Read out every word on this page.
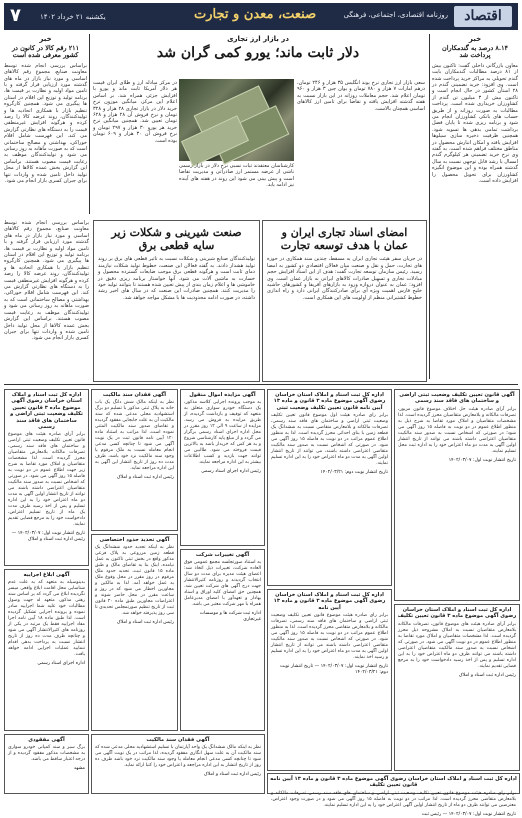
اقتصاد
روزنامه اقتصادی، اجتماعی، فرهنگی
صنعت، معدن و تجارت
یکشنبه ۲۱ خرداد ۱۴۰۲
۷
خبر
۲۱۱ رقم کالا در کانون در کشور معرفی شده است

براساس بررسی انجام شده توسط معاونت صنایع، مجموع رقم کالاهای اساسی و مورد نیاز بازار در ماه های گذشته مورد ارزیابی قرار گرفته و با تامین مواد اولیه و نظارت بر قیمت ها، برنامه تولید و توزیع این اقلام در استان ها پیگیری می شود. همچنین کارگروه تنظیم بازار با همکاری اتحادیه ها و تولیدکنندگان، روند عرضه کالا را رصد کرده و هرگونه افزایش غیرمنطقی قیمت را به دستگاه های نظارتی گزارش می کند. این فهرست شامل اقلام خوراکی، بهداشتی و مصالح ساختمانی است که به صورت ماهانه به روز رسانی می شود و تولیدکنندگان موظف به رعایت قیمت مصوب هستند. براساس این گزارش بخش عمده کالاها از محل تولید داخل تامین شده و واردات تنها برای جبران کسری بازار انجام می شود.

در بازار ارز تجاری
دلار ثابت ماند؛ یورو کمی گران شد

در مرکز مبادله ارز و طلای ایران قیمت هر دلار آمریکا ثابت ماند و یورو با افزایش جزئی همراه شد. بر اساس اعلام این مرکز، میانگین موزون نرخ خرید دلار در بازار تجاری ۲۸ هزار و ۳۲۸ تومان و نرخ فروش آن ۲۸ هزار و ۶۲۸ تومان تعیین شد. همچنین میانگین نرخ خرید هر یورو ۳۰ هزار و ۲۹۷ تومان و نرخ فروش آن ۳۰ هزار و ۶۰۹ تومان بوده است.

کارشناسان معتقدند ثبات نسبی نرخ دلار در بازار رسمی ناشی از عرضه مستمر ارز صادراتی و مدیریت تقاضا است و پیش بینی می شود این روند در هفته های آینده نیز ادامه یابد.

سعی بازار ارز تجاری نرخ پوند انگلیس ۳۵ هزار و ۲۴۶ تومان، درهم امارات ۷ هزار و ۷۸۰ تومان و یوان چین ۳ هزار و ۹۶۰ تومان اعلام شد. حجم معاملات روزانه در این بازار نسبت به هفته گذشته افزایش یافته و تقاضا برای تامین ارز کالاهای اساسی همچنان بالاست.

خبر
۸.۱۴ درصد به گندمکاران پرداخت شد

معاون بازرگانی داخلی گفت: تاکنون بیش از ۸۱ درصد مطالبات گندمکاران بابت گندم تحویلی به مراکز خرید پرداخت شده است. وی افزود: خرید تضمینی گندم در ۲۸ استان کشور در حال انجام است و تاکنون بیش از ۳ میلیون تن گندم از کشاورزان خریداری شده است. پرداخت مطالبات به صورت روزانه و از طریق حساب های بانکی کشاورزان انجام می شود و برنامه ریزی شده تا پایان فصل برداشت تمامی بدهی ها تسویه شود. همچنین ظرفیت ذخیره سازی سیلوها افزایش یافته و امکان انبارش محصول در مناطق مختلف فراهم شده است. به گفته وی نرخ خرید تضمینی هر کیلوگرم گندم امسال با رشد قابل توجهی نسبت به سال گذشته همراه بوده و این موضوع انگیزه کشاورزان برای تحویل محصول را افزایش داده است.

امضای اسناد تجاری ایران و عمان با هدف توسعه تجارت

در جریان سفر هیئت تجاری ایران به مسقط، چندین سند همکاری در حوزه های تجارت، حمل و نقل و صنعت میان فعالان اقتصادی دو کشور به امضا رسید. رئیس سازمان توسعه تجارت گفت: هدف از این اسناد افزایش حجم مبادلات تجاری و تسهیل صادرات کالاهای ایرانی به بازار عمان است. وی افزود: عمان به عنوان دروازه ورود به بازارهای آفریقا و کشورهای حاشیه خلیج فارس اهمیت ویژه ای برای صادرکنندگان ایرانی دارد و راه اندازی خطوط کشتیرانی منظم از اولویت های این همکاری است.

صنعت شیرینی و شکلات زیر سایه قطعی برق

تولیدکنندگان صنایع شیرینی و شکلات نسبت به تاثیر قطعی های برق بر روند تولید هشدار دادند. به گفته فعالان این صنعت، خطوط تولید شکلات نیازمند دمای ثابت است و هرگونه قطعی برق موجب ضایعات گسترده محصول و خسارت به ماشین آلات می شود. آنها خواستار برنامه ریزی دقیق در خاموشی ها و اعلام زمان بندی از پیش تعیین شده هستند تا بتوانند تولید خود را مدیریت کنند. همچنین صادرات این صنعت که در سال های اخیر رشد داشته، در صورت ادامه محدودیت ها با مشکل مواجه خواهد شد.

براساس بررسی انجام شده توسط معاونت صنایع، مجموع رقم کالاهای اساسی و مورد نیاز بازار در ماه های گذشته مورد ارزیابی قرار گرفته و با تامین مواد اولیه و نظارت بر قیمت ها، برنامه تولید و توزیع این اقلام در استان ها پیگیری می شود. همچنین کارگروه تنظیم بازار با همکاری اتحادیه ها و تولیدکنندگان، روند عرضه کالا را رصد کرده و هرگونه افزایش غیرمنطقی قیمت را به دستگاه های نظارتی گزارش می کند. این فهرست شامل اقلام خوراکی، بهداشتی و مصالح ساختمانی است که به صورت ماهانه به روز رسانی می شود و تولیدکنندگان موظف به رعایت قیمت مصوب هستند. براساس این گزارش بخش عمده کالاها از محل تولید داخل تامین شده و واردات تنها برای جبران کسری بازار انجام می شود.

اداره کل ثبت اسناد و املاک استان خراسان رضوی آگهی موضوع ماده ۳ قانون تعیین تکلیف وضعیت ثبتی اراضی و ساختمان های فاقد سند رسمی
برابر آرای صادره هیئت های موضوع قانون تعیین تکلیف وضعیت ثبتی اراضی و ساختمان های فاقد سند رسمی، تصرفات مالکانه بلامعارض متقاضیان محرز گردیده است. لذا مشخصات متقاضیان و املاک مورد تقاضا به شرح زیر جهت اطلاع عموم در دو نوبت به فاصله ۱۵ روز آگهی می شود. در صورتی که اشخاص نسبت به صدور سند مالکیت متقاضیان اعتراضی داشته باشند می توانند از تاریخ انتشار اولین آگهی به مدت دو ماه اعتراض خود را به این اداره تسلیم و پس از اخذ رسید ظرف مدت یک ماه از تاریخ تسلیم اعتراض، دادخواست خود را به مرجع قضایی تقدیم نمایند.
تاریخ انتشار نوبت اول: ۱۴۰۲/۰۳/۰۷ — رئیس اداره ثبت اسناد و املاک
آگهی فقدان سند مالکیت
نظر به اینکه مالک شش دانگ یک باب خانه به پلاک ثبتی مذکور با تسلیم دو برگ استشهادیه محلی مدعی شده که سند مالکیت آن به علت جابجایی مفقود گردیده و تقاضای صدور سند مالکیت المثنی نموده است، لذا مراتب به استناد ماده ۱۲۰ آیین نامه قانون ثبت در یک نوبت آگهی می شود تا چنانچه کسی مدعی انجام معامله نسبت به ملک مرقوم یا وجود سند مالکیت نزد خود باشد، ظرف مدت ده روز از تاریخ انتشار این آگهی به این اداره مراجعه نماید.
رئیس اداره ثبت اسناد و املاک
آگهی مزایده اموال منقول
به موجب پرونده اجرایی کلاسه مذکور، یک دستگاه خودرو سواری متعلق به متعهد که توقیف و بازداشت گردیده، از طریق مزایده به فروش می رسد. مزایده از ساعت ۹ الی ۱۲ روز مقرر در محل اداره اجرای اسناد رسمی برگزار می گردد و از مبلغ پایه کارشناسی شروع و به هر کس که خریدار باشد به بالاترین قیمت فروخته می شود. طالبین می توانند جهت بازدید و کسب اطلاعات بیشتر به این اداره مراجعه نمایند.
رئیس اداره اجرای اسناد رسمی
اداره کل ثبت اسناد و املاک استان خراسان رضوی آگهی موضوع ماده ۳ قانون و ماده ۱۳ آیین نامه قانون تعیین تکلیف وضعیت ثبتی
برابر رای صادره هیئت اول موضوع قانون تعیین تکلیف وضعیت ثبتی اراضی و ساختمان های فاقد سند رسمی، تصرفات مالکانه و بلامعارض متقاضی نسبت به ششدانگ یک قطعه زمین با بنای احداثی محرز گردیده است. لذا به منظور اطلاع عموم مراتب در دو نوبت به فاصله ۱۵ روز آگهی می شود. در صورتی که اشخاص نسبت به صدور سند مالکیت متقاضی اعتراضی داشته باشند، می توانند از تاریخ انتشار اولین آگهی به مدت دو ماه اعتراض خود را به این اداره تسلیم نمایند.
تاریخ انتشار نوبت دوم: ۱۴۰۲/۰۳/۲۱
آگهی قانون تعیین تکلیف وضعیت ثبتی اراضی و ساختمان های فاقد سند رسمی
برابر آرای صادره هیئت حل اختلاف موضوع قانون مزبور، تصرفات مالکانه و بلامعارض متقاضیان محرز گردیده است. لذا مشخصات متقاضیان و املاک مورد تقاضا به شرح ذیل به منظور اطلاع عموم در دو نوبت به فاصله ۱۵ روز آگهی می شود؛ در صورتی که اشخاص نسبت به صدور سند مالکیت متقاضیان اعتراضی داشته باشند می توانند از تاریخ انتشار اولین آگهی به مدت دو ماه اعتراض خود را به اداره ثبت محل تسلیم نمایند.
تاریخ انتشار نوبت اول: ۱۴۰۲/۰۳/۰۷
آگهی ابلاغ اجراییه
بدینوسیله به متعهد که به علت عدم شناسایی محل اقامت ابلاغ واقعی میسر نگردیده ابلاغ می گردد که بر اساس سند رهنی مذکور، متعهد له جهت وصول مطالبات خود علیه شما اجراییه صادر نموده و پرونده اجرایی تشکیل گردیده است. لذا طبق ماده ۱۸ آیین نامه اجرا مفاد اجراییه فقط یک مرتبه در یکی از روزنامه های کثیرالانتشار آگهی می شود و چنانچه ظرف مدت ده روز از تاریخ انتشار نسبت به پرداخت بدهی اقدام ننمایید عملیات اجرایی ادامه خواهد یافت.
اداره اجرای اسناد رسمی
آگهی تحدید حدود اختصاصی
نظر به اینکه تحدید حدود ششدانگ یک قطعه زمین مزروعی به پلاک فرعی مذکور واقع در بخش ثبتی تاکنون به عمل نیامده، اینک بنا به تقاضای مالک و طبق ماده ۱۵ قانون ثبت، تحدید حدود ملک مرقوم در روز مقرر در محل وقوع ملک به عمل خواهد آمد. لذا به مالکین و مجاورین اخطار می شود که در روز و ساعت مقرر در محل حاضر شوند و اعتراضات مجاورین طبق ماده ۲۰ قانون ثبت از تاریخ تنظیم صورتمجلس تحدیدی تا سی روز پذیرفته خواهد شد.
رئیس اداره ثبت اسناد و املاک
آگهی تغییرات شرکت
به استناد صورتجلسه مجمع عمومی فوق العاده شرکت، تغییرات ذیل اتخاذ شد: اعضای هیئت مدیره برای مدت دو سال انتخاب گردیدند و روزنامه کثیرالانتشار جهت درج آگهی های شرکت تعیین شد. همچنین حق امضای کلیه اوراق و اسناد بهادار و تعهدآور با امضای مدیرعامل همراه با مهر شرکت معتبر می باشد.
اداره ثبت شرکت ها و موسسات غیرتجاری
اداره کل ثبت اسناد و املاک استان خراسان رضوی آگهی موضوع ماده ۳ قانون و ماده ۱۳ آیین نامه
برابر رای صادره هیئت موضوع قانون تعیین تکلیف وضعیت ثبتی اراضی و ساختمان های فاقد سند رسمی، تصرفات مالکانه و بلامعارض متقاضی محرز گردیده است. لذا به منظور اطلاع عموم مراتب در دو نوبت به فاصله ۱۵ روز آگهی می شود. در صورتی که اشخاص نسبت به صدور سند مالکیت متقاضی اعتراضی داشته باشند می توانند از تاریخ انتشار اولین آگهی به مدت دو ماه اعتراض خود را به این اداره تسلیم و رسید اخذ نمایند.
تاریخ انتشار نوبت اول: ۱۴۰۲/۰۳/۰۷ — تاریخ انتشار نوبت دوم: ۱۴۰۲/۰۳/۲۱
اداره کل ثبت اسناد و املاک استان خراسان رضوی آگهی موضوع ماده ۳ قانون تعیین تکلیف
برابر آرای صادره هیئت های موضوع قانون، تصرفات مالکانه بلامعارض متقاضیان نسبت به املاک مشروحه ذیل محرز گردیده است. لذا مشخصات متقاضیان و املاک مورد تقاضا به منظور اطلاع عموم در دو نوبت آگهی می شود. در صورتی که اشخاص نسبت به صدور سند مالکیت متقاضیان اعتراضی داشته باشند می توانند ظرف دو ماه اعتراض خود را به این اداره تسلیم و پس از اخذ رسید دادخواست خود را به مرجع قضایی تقدیم نمایند.
رئیس اداره ثبت اسناد و املاک
آگهی مفقودی
برگ سبز و سند کمپانی خودرو سواری به مشخصات مذکور مفقود گردیده و از درجه اعتبار ساقط می باشد.
مشهد
آگهی فقدان سند مالکیت
نظر به اینکه مالک ششدانگ یک واحد آپارتمان با تسلیم استشهادیه محلی مدعی شده که سند مالکیت آن به علت سهل انگاری مفقود گردیده، لذا مراتب در یک نوبت آگهی می شود تا چنانچه کسی مدعی انجام معامله یا وجود سند مالکیت نزد خود باشد ظرف ده روز از تاریخ انتشار به این اداره مراجعه و اعتراض خود را کتبا ارائه نماید.
رئیس اداره ثبت اسناد و املاک
اداره کل ثبت اسناد و املاک استان خراسان رضوی آگهی موضوع ماده ۳ قانون و ماده ۱۳ آیین نامه قانون تعیین تکلیف
برابر رای صادره هیئت موضوع قانون تعیین تکلیف وضعیت ثبتی اراضی و ساختمان های فاقد سند رسمی تصرفات مالکانه و بلامعارض متقاضی محرز گردیده است. لذا مراتب در دو نوبت به فاصله ۱۵ روز آگهی می شود و در صورت وجود اعتراض، معترضین می توانند ظرف دو ماه از تاریخ انتشار اولین آگهی اعتراض خود را به این اداره تسلیم نمایند.
تاریخ انتشار نوبت اول: ۱۴۰۲/۰۳/۰۷ — رئیس ثبت
